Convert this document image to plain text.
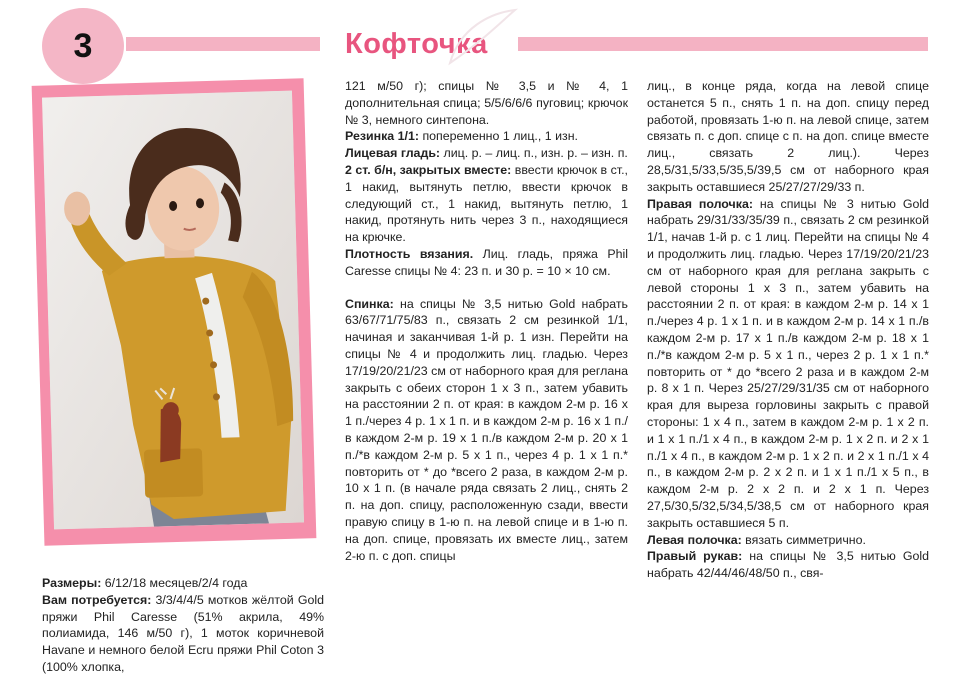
3	Кофточка

Размеры: 6/12/18 месяцев/2/4 года

Вам потребуется: 3/3/4/4/5 мотков жёлтой Gold пряжи Phil Caresse (51% акрила, 49% полиамида, 146 м/50 г), 1 моток коричневой Havane и немного белой Ecru пряжи Phil Coton 3 (100% хлопка,

121 м/50 г); спицы № 3,5 и № 4, 1 дополнительная спица; 5/5/6/6/6 пуговиц; крючок № 3, немного синтепона.

Резинка 1/1: попеременно 1 лиц., 1 изн.

Лицевая гладь: лиц. р. – лиц. п., изн. р. – изн. п.

2 ст. б/н, закрытых вместе: ввести крючок в ст., 1 накид, вытянуть петлю, ввести крючок в следующий ст., 1 накид, вытянуть петлю, 1 накид, протянуть нить через 3 п., находящиеся на крючке.

Плотность вязания. Лиц. гладь, пряжа Phil Caresse спицы № 4: 23 п. и 30 р. = 10 × 10 см.

Спинка: на спицы № 3,5 нитью Gold набрать 63/67/71/75/83 п., связать 2 см резинкой 1/1, начиная и заканчивая 1-й р. 1 изн. Перейти на спицы № 4 и продолжить лиц. гладью. Через 17/19/20/21/23 см от наборного края для реглана закрыть с обеих сторон 1 х 3 п., затем убавить на расстоянии 2 п. от края: в каждом 2-м р. 16 х 1 п./через 4 р. 1 х 1 п. и в каждом 2-м р. 16 х 1 п./в каждом 2-м р. 19 х 1 п./в каждом 2-м р. 20 х 1 п./*в каждом 2-м р. 5 х 1 п., через 4 р. 1 х 1 п.* повторить от * до *всего 2 раза, в каждом 2-м р. 10 х 1 п. (в начале ряда связать 2 лиц., снять 2 п. на доп. спицу, расположенную сзади, ввести правую спицу в 1-ю п. на левой спице и в 1-ю п. на доп. спице, провязать их вместе лиц., затем 2-ю п. с доп. спицы

лиц., в конце ряда, когда на левой спице останется 5 п., снять 1 п. на доп. спицу перед работой, провязать 1-ю п. на левой спице, затем связать п. с доп. спице с п. на доп. спице вместе лиц., связать 2 лиц.). Через 28,5/31,5/33,5/35,5/39,5 см от наборного края закрыть оставшиеся 25/27/27/29/33 п.

Правая полочка: на спицы № 3 нитью Gold набрать 29/31/33/35/39 п., связать 2 см резинкой 1/1, начав 1-й р. с 1 лиц. Перейти на спицы № 4 и продолжить лиц. гладью. Через 17/19/20/21/23 см от наборного края для реглана закрыть с левой стороны 1 х 3 п., затем убавить на расстоянии 2 п. от края: в каждом 2-м р. 14 х 1 п./через 4 р. 1 х 1 п. и в каждом 2-м р. 14 х 1 п./в каждом 2-м р. 17 х 1 п./в каждом 2-м р. 18 х 1 п./*в каждом 2-м р. 5 х 1 п., через 2 р. 1 х 1 п.* повторить от * до *всего 2 раза и в каждом 2-м р. 8 х 1 п. Через 25/27/29/31/35 см от наборного края для выреза горловины закрыть с правой стороны: 1 х 4 п., затем в каждом 2-м р. 1 х 2 п. и 1 х 1 п./1 х 4 п., в каждом 2-м р. 1 х 2 п. и 2 х 1 п./1 х 4 п., в каждом 2-м р. 1 х 2 п. и 2 х 1 п./1 х 4 п., в каждом 2-м р. 2 х 2 п. и 1 х 1 п./1 х 5 п., в каждом 2-м р. 2 х 2 п. и 2 х 1 п. Через 27,5/30,5/32,5/34,5/38,5 см от наборного края закрыть оставшиеся 5 п.

Левая полочка: вязать симметрично.

Правый рукав: на спицы № 3,5 нитью Gold набрать 42/44/46/48/50 п., свя-
